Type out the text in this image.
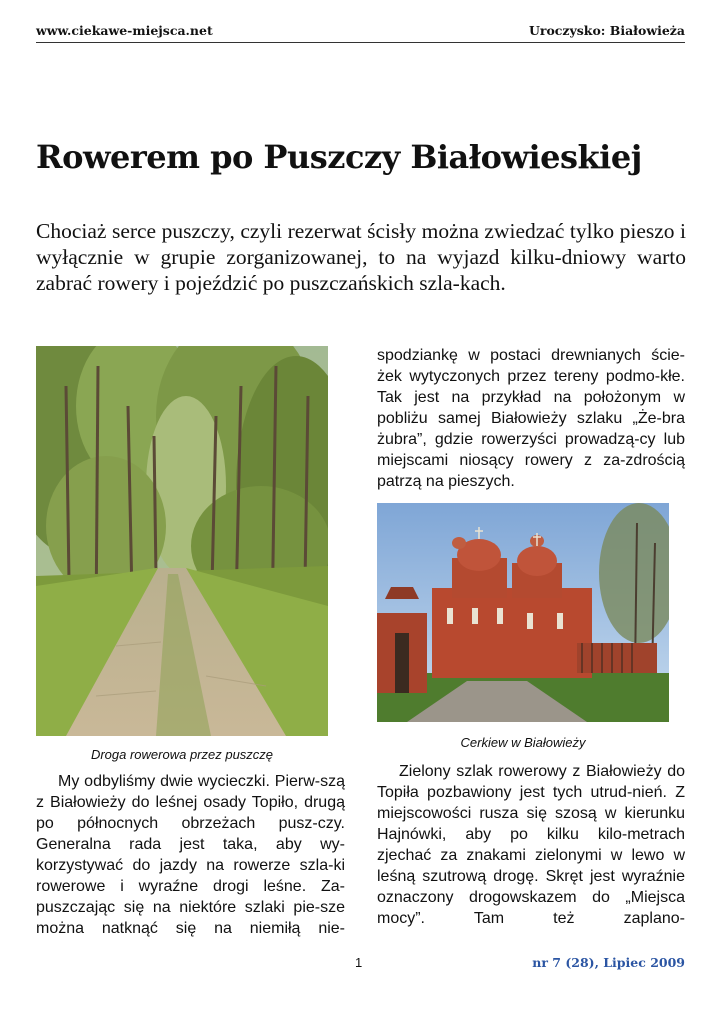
www.ciekawe-miejsca.net	Uroczysko: Białowieża
Rowerem po Puszczy Białowieskiej

Chociaż serce puszczy, czyli rezerwat ścisły można zwiedzać tylko pieszo i wyłącznie w grupie zorganizowanej, to na wyjazd kilku-dniowy warto zabrać rowery i pojeździć po puszczańskich szla-kach.

Droga rowerowa przez puszczę
Cerkiew w Białowieży

My odbyliśmy dwie wycieczki. Pierw-szą z Białowieży do leśnej osady Topiło, drugą po północnych obrzeżach pusz-czy. Generalna rada jest taka, aby wy-korzystywać do jazdy na rowerze szla-ki rowerowe i wyraźne drogi leśne. Za-puszczając się na niektóre szlaki pie-sze można natknąć się na niemiłą nie-

spodziankę w postaci drewnianych ście-żek wytyczonych przez tereny podmo-kłe. Tak jest na przykład na położonym w pobliżu samej Białowieży szlaku „Że-bra żubra”, gdzie rowerzyści prowadzą-cy lub miejscami niosący rowery z za-zdrością patrzą na pieszych.

Zielony szlak rowerowy z Białowieży do Topiła pozbawiony jest tych utrud-nień. Z miejscowości rusza się szosą w kierunku Hajnówki, aby po kilku kilo-metrach zjechać za znakami zielonymi w lewo w leśną szutrową drogę. Skręt jest wyraźnie oznaczony drogowskazem do „Miejsca mocy”. Tam też zaplano-

1	nr 7 (28), Lipiec 2009
